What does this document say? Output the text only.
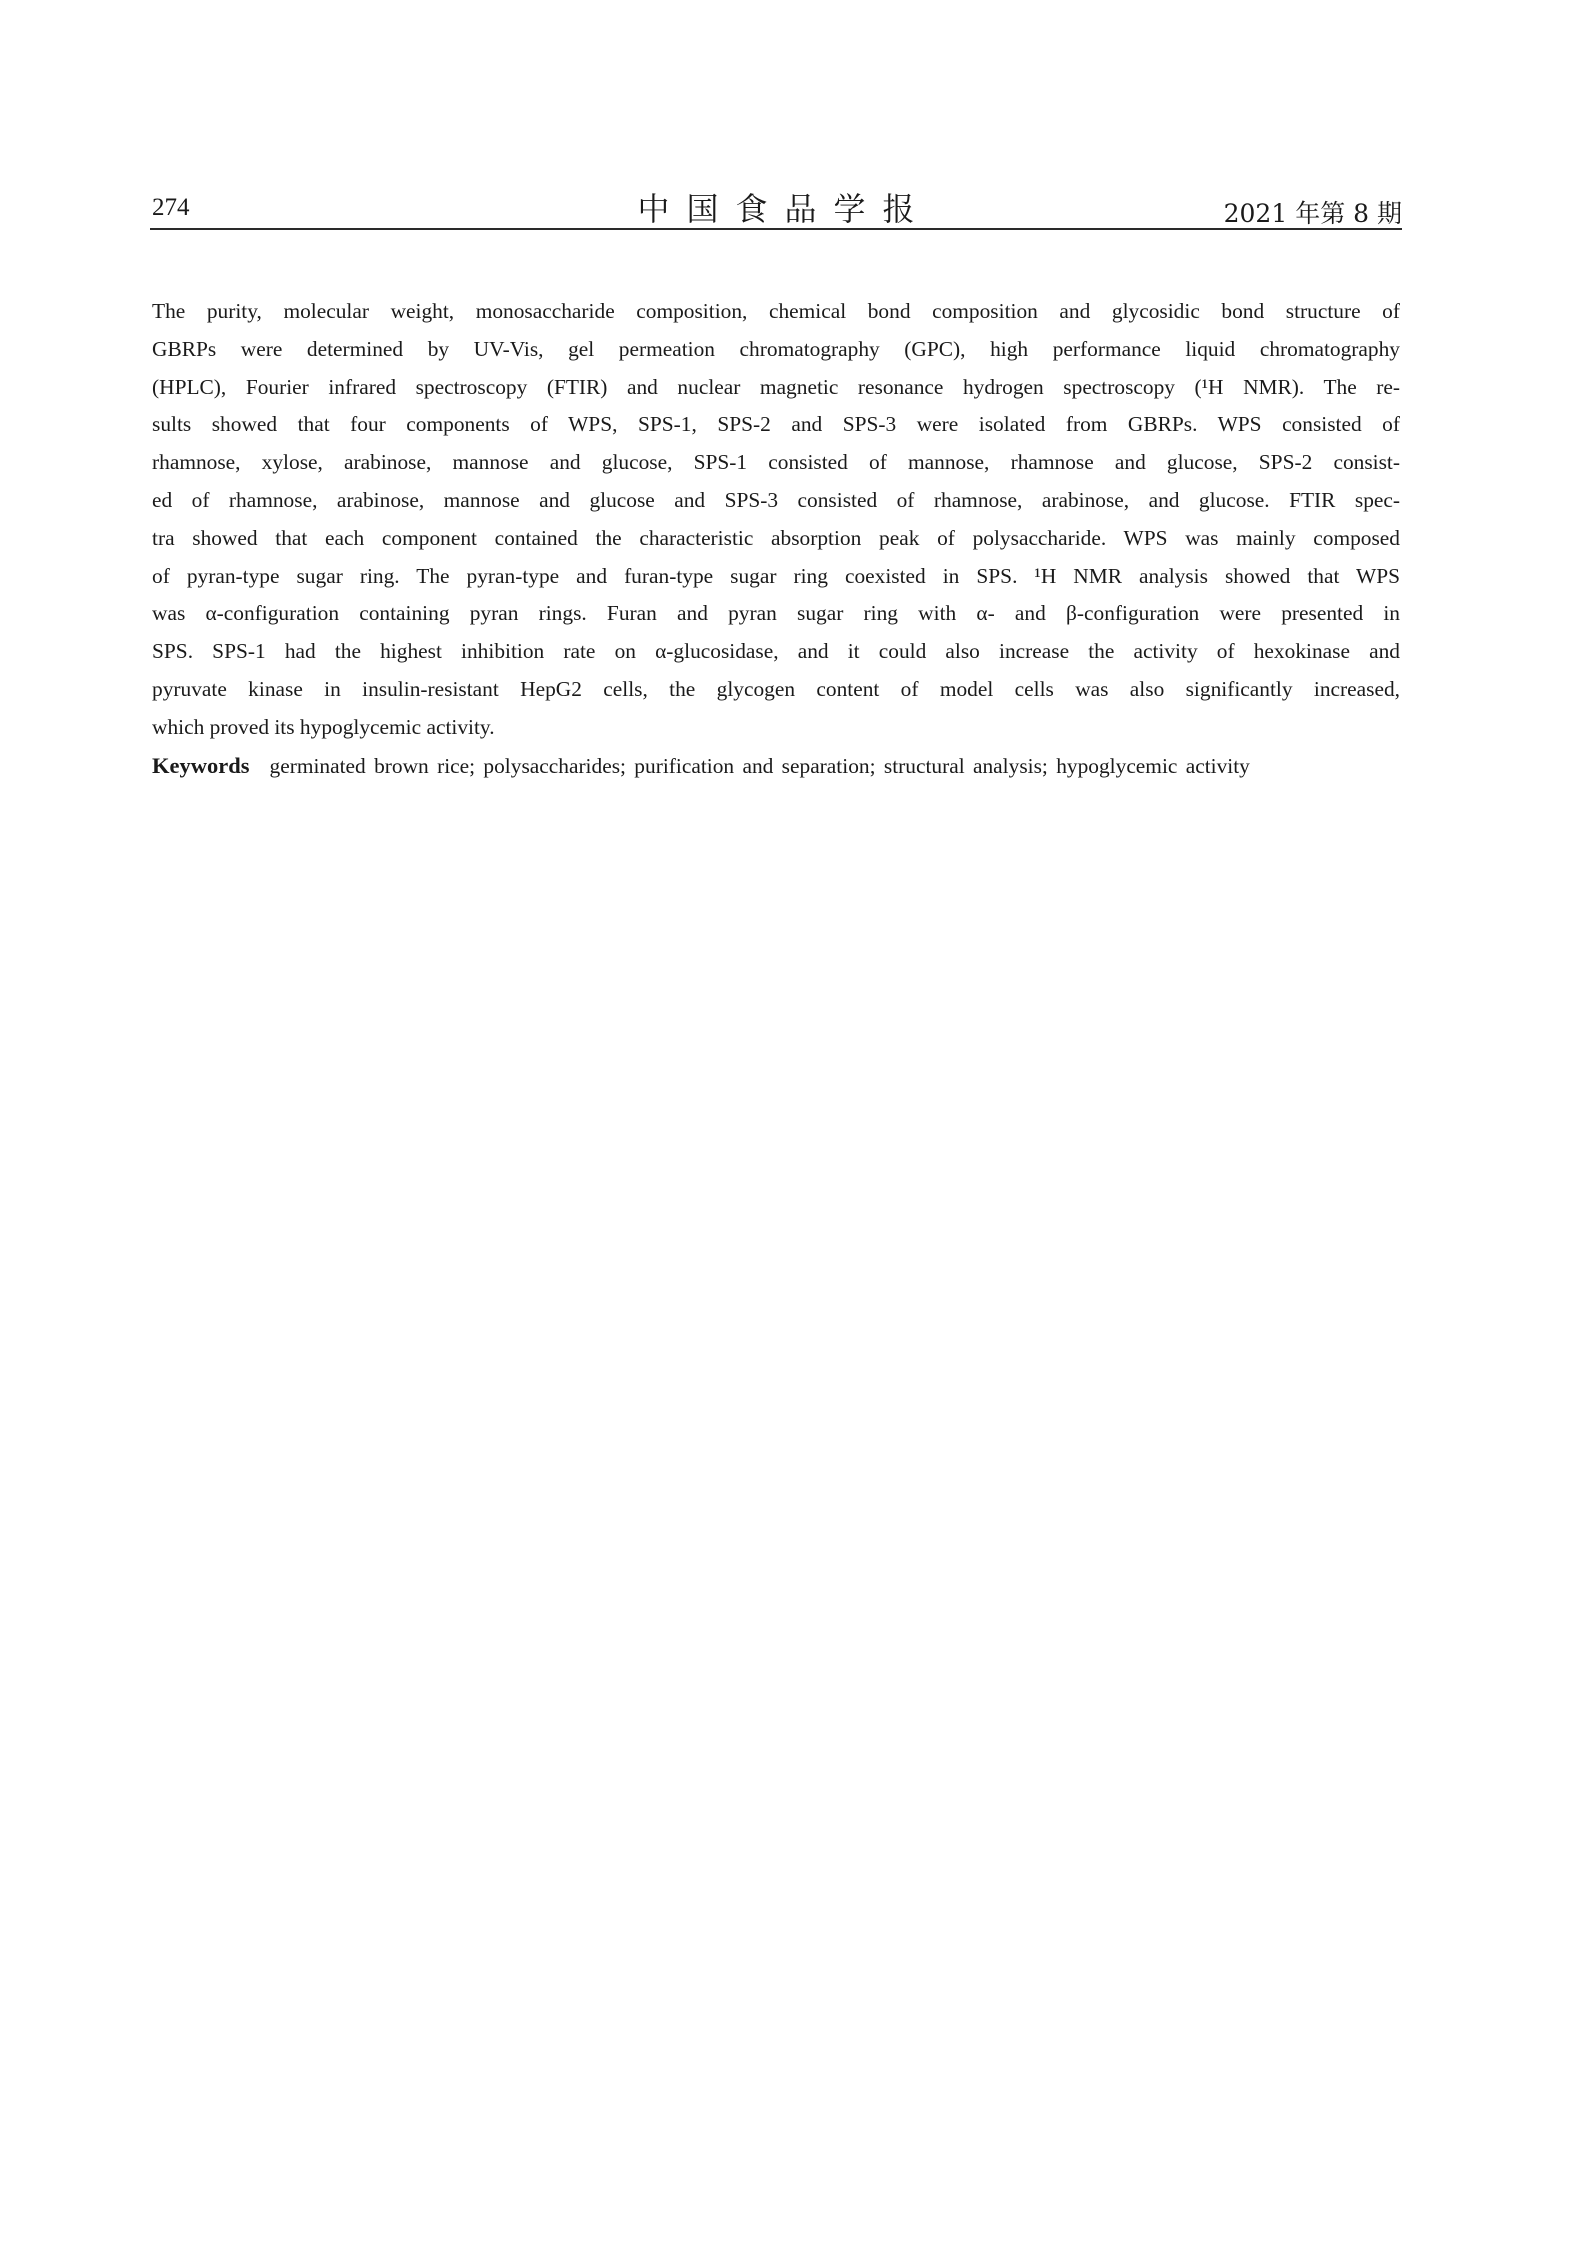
274	中国食品学报	2021 年第 8 期
The purity, molecular weight, monosaccharide composition, chemical bond composition and glycosidic bond structure of
GBRPs were determined by UV-Vis, gel permeation chromatography (GPC), high performance liquid chromatography
(HPLC), Fourier infrared spectroscopy (FTIR) and nuclear magnetic resonance hydrogen spectroscopy (¹H NMR). The re-
sults showed that four components of WPS, SPS-1, SPS-2 and SPS-3 were isolated from GBRPs. WPS consisted of
rhamnose, xylose, arabinose, mannose and glucose, SPS-1 consisted of mannose, rhamnose and glucose, SPS-2 consist-
ed of rhamnose, arabinose, mannose and glucose and SPS-3 consisted of rhamnose, arabinose, and glucose. FTIR spec-
tra showed that each component contained the characteristic absorption peak of polysaccharide. WPS was mainly composed
of pyran-type sugar ring. The pyran-type and furan-type sugar ring coexisted in SPS. ¹H NMR analysis showed that WPS
was α-configuration containing pyran rings. Furan and pyran sugar ring with α- and β-configuration were presented in
SPS. SPS-1 had the highest inhibition rate on α-glucosidase, and it could also increase the activity of hexokinase and
pyruvate kinase in insulin-resistant HepG2 cells, the glycogen content of model cells was also significantly increased,
which proved its hypoglycemic activity.
Keywords germinated brown rice; polysaccharides; purification and separation; structural analysis; hypoglycemic activity
